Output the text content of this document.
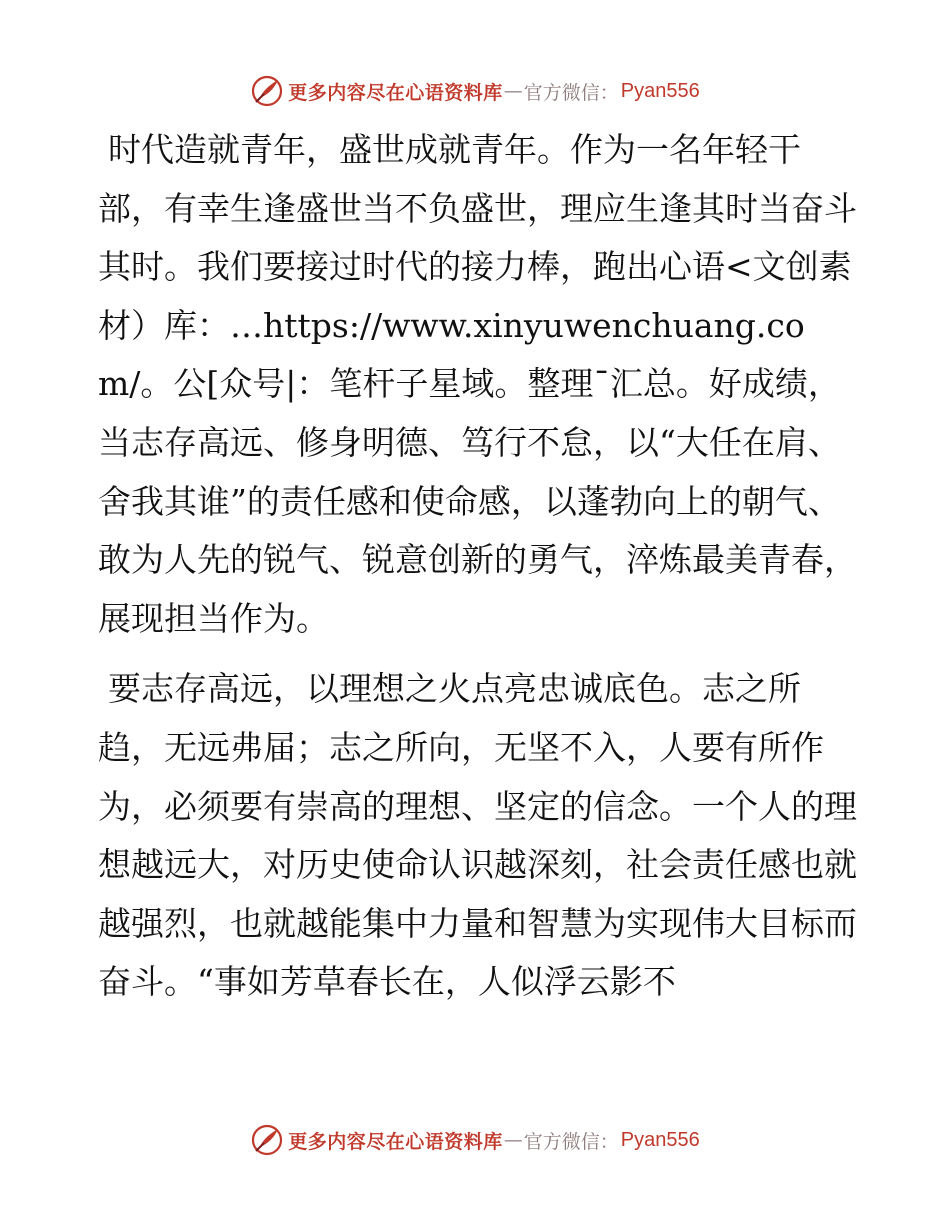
更多内容尽在心语资料库 — 官方微信： Pyan556

时代造就青年，盛世成就青年。作为一名年轻干部，有幸生逢盛世当不负盛世，理应生逢其时当奋斗其时。我们要接过时代的接力棒，跑出心语<文创素材）库：…https://www.xinyuwenchuang.com/。公[众号|：笔杆子星域。整理¯汇总。好成绩，当志存高远、修身明德、笃行不怠，以“大任在肩、舍我其谁”的责任感和使命感，以蓬勃向上的朝气、敢为人先的锐气、锐意创新的勇气，淬炼最美青春，展现担当作为。

要志存高远，以理想之火点亮忠诚底色。志之所趋，无远弗届；志之所向，无坚不入，人要有所作为，必须要有崇高的理想、坚定的信念。一个人的理想越远大，对历史使命认识越深刻，社会责任感也就越强烈，也就越能集中力量和智慧为实现伟大目标而奋斗。“事如芳草春长在，人似浮云影不

更多内容尽在心语资料库 — 官方微信： Pyan556
